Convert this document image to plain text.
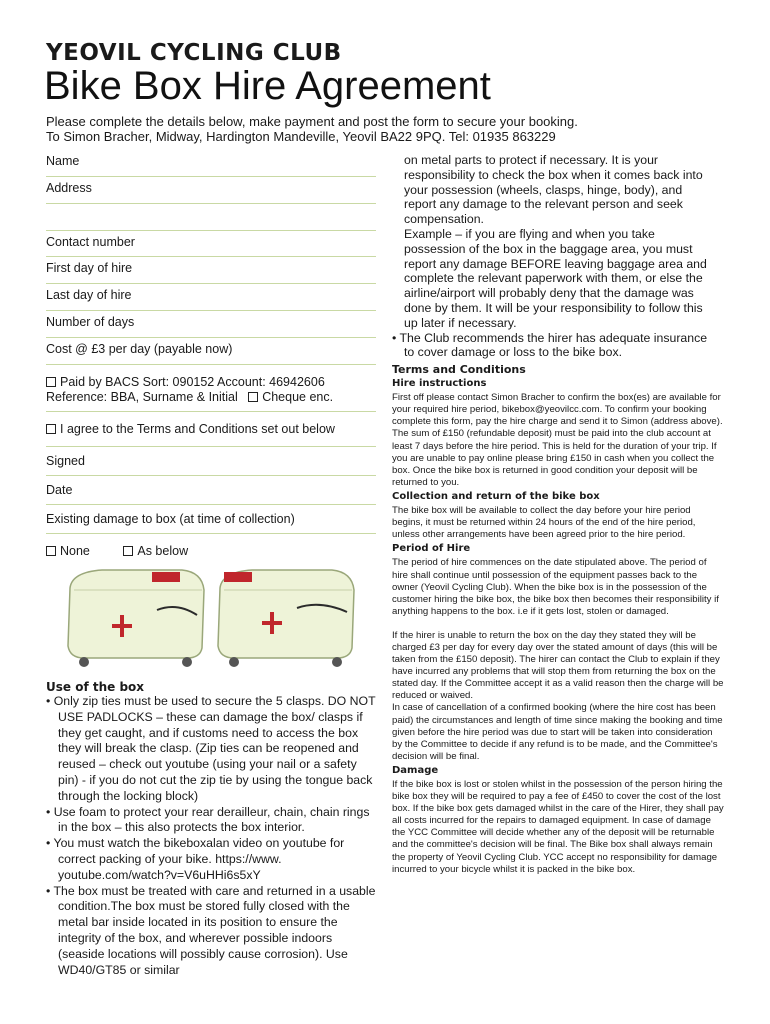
YEOVIL CYCLING CLUB
Bike Box Hire Agreement
Please complete the details below, make payment and post the form to secure your booking.
To Simon Bracher, Midway, Hardington Mandeville, Yeovil BA22 9PQ. Tel: 01935 863229
Name
Address
Contact number
First day of hire
Last day of hire
Number of days
Cost @ £3 per day (payable now)
Paid by BACS Sort: 090152 Account: 46942606
Reference: BBA, Surname & Initial Cheque enc.
I agree to the Terms and Conditions set out below
Signed
Date
Existing damage to box (at time of collection)
None	As below
Use of the box

• Only zip ties must be used to secure the 5 clasps. DO NOT USE PADLOCKS – these can damage the box/ clasps if they get caught, and if customs need to access the box they will break the clasp. (Zip ties can be reopened and reused – check out youtube (using your nail or a safety pin) - if you do not cut the zip tie by using the tongue back through the locking block)

• Use foam to protect your rear derailleur, chain, chain rings in the box – this also protects the box interior.

• You must watch the bikeboxalan video on youtube for correct packing of your bike. https://www. youtube.com/watch?v=V6uHHi6s5xY

• The box must be treated with care and returned in a usable condition.The box must be stored fully closed with the metal bar inside located in its position to ensure the integrity of the box, and wherever possible indoors (seaside locations will possibly cause corrosion). Use WD40/GT85 or similar

on metal parts to protect if necessary. It is your responsibility to check the box when it comes back into your possession (wheels, clasps, hinge, body), and report any damage to the relevant person and seek compensation.

Example – if you are flying and when you take possession of the box in the baggage area, you must report any damage BEFORE leaving baggage area and complete the relevant paperwork with them, or else the airline/airport will probably deny that the damage was done by them. It will be your responsibility to follow this up later if necessary.

• The Club recommends the hirer has adequate insurance to cover damage or loss to the bike box.

Terms and Conditions
Hire instructions

First off please contact Simon Bracher to confirm the box(es) are available for your required hire period, bikebox@yeovilcc.com. To confirm your booking complete this form, pay the hire charge and send it to Simon (address above). The sum of £150 (refundable deposit) must be paid into the club account at least 7 days before the hire period. This is held for the duration of your trip. If you are unable to pay online please bring £150 in cash when you collect the box. Once the bike box is returned in good condition your deposit will be returned to you.

Collection and return of the bike box

The bike box will be available to collect the day before your hire period begins, it must be returned within 24 hours of the end of the hire period, unless other arrangements have been agreed prior to the hire period.

Period of Hire

The period of hire commences on the date stipulated above. The period of hire shall continue until possession of the equipment passes back to the owner (Yeovil Cycling Club). When the bike box is in the possession of the customer hiring the bike box, the bike box then becomes their responsibility if anything happens to the box. i.e if it gets lost, stolen or damaged.

If the hirer is unable to return the box on the day they stated they will be charged £3 per day for every day over the stated amount of days (this will be taken from the £150 deposit). The hirer can contact the Club to explain if they have incurred any problems that will stop them from returning the box on the stated day. If the Committee accept it as a valid reason then the charge will be reduced or waived.

In case of cancellation of a confirmed booking (where the hire cost has been paid) the circumstances and length of time since making the booking and time given before the hire period was due to start will be taken into consideration by the Committee to decide if any refund is to be made, and the Committee's decision will be final.

Damage

If the bike box is lost or stolen whilst in the possession of the person hiring the bike box they will be required to pay a fee of £450 to cover the cost of the lost box. If the bike box gets damaged whilst in the care of the Hirer, they shall pay all costs incurred for the repairs to damaged equipment. In case of damage the YCC Committee will decide whether any of the deposit will be returnable and the committee's decision will be final. The Bike box shall always remain the property of Yeovil Cycling Club. YCC accept no responsibility for damage incurred to your bicycle whilst it is packed in the bike box.
